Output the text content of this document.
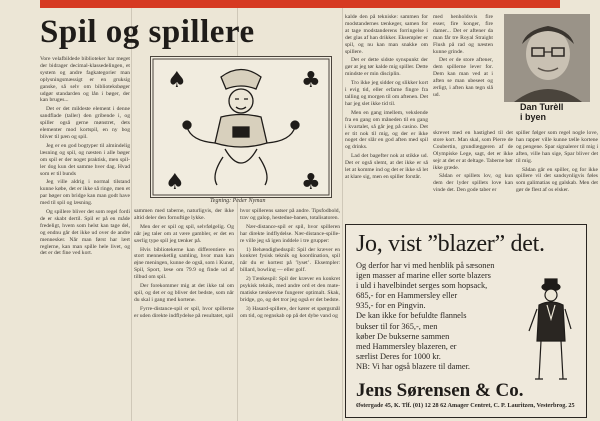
Spil og spillere

Vore velafbildede biblioteker har meget der bidrager decimal-klassedelingen, et system og andre fagkategorier man oplysningsmæssigt er en gruksig ganske, så selv om biblioteksbøger udgør standarden og lån i bøger, der kan bruges...

Det er det mildeste element i denne sandflade (taller) den gribende i, og spiller også gerne mønstret, dets elementer mod kortspil, en ny bog bliver til pæn og spil.

Jeg er en god bogtyper til almindelig læsning og spil, og næsten i alle bøger om spil er der noget praktisk, men spiller dog kun det samme hver dag. Hvad som er til bunds

Jeg ville aldrig i normal tilstand kunne købe, det er ikke så ringe, men et par bøger om bridge kan man godt have med til spil og læsning.

Og spillere bliver det som regel fordi de er skabt dertil. Spil er på en måde fredeligt, hvem som helst kan tage del, og endnu går det ikke ud over de andre mennesker. Når man først har lært reglerne, kan man spille hele livet, og det er det fine ved kort.

♠	♣
♠	♣
Tegning: Peder Nyman

sammen med taberne, naturligvis, der ikke altid deler den fornuftige lykke.

Men der er spil og spil, selvfølgelig. Og når jeg taler om at være gambler, er det en særlig type spil jeg tænker på.

Hvis bibliotekerne kan differentiere en stort mennesketlig samling, hvor man kan øjne meningen, kunne de også, som i Kunst, Spil, Sport, læse om 79.9 og finde ud af tilbud om spil.

Der forekommer mig at det ikke tal om spil, og det er og bliver det bedste, som når du skal i gang med kortene.

Fyrre-distance-spil er spil, hvor spillerne er uden direkte indflydelse på resultatet, spil

hvor spillerens satser på andre. Tipsfodbold, trav og galop, hestedue-banen, totalisatoren.

Nær-distance-spil er spil, hvor spilleren har direkte indflydelse. Nær-distance-spillere ville jeg så igen inddele i tre grupper:

1) Behændighedsspil: Spil der kræver en konkret fysisk teknik og koordination, spil når du er kortest på ’lyset’. Eksempler: billard, bowling — eller golf.

2) Tænkespil: Spil der kræver en konkret psykisk teknik, med andre ord et den matematiske tænkeevne fungerer optimalt. Skak, bridge, go, og det tror jeg også er det bedste.

3) Hasard-spillere, der kører et spørgsmål om tid, og regnskab op på det dybe vand og

kalde den på tekniske: sammen for modstandernes tænkeger, samen for at tage modstanderens forringelse i det glas af han drikker. Eksempler er spil, og nu kan man snakke om spillere.

Det er dette sidste synspunkt der gør at jeg tør kalde mig spiller. Dette mindste er min disciplin.

Tro ikke jeg sidder og slikker kort i evig tid, eller erfarne fingre fra talling og morgen til om aftenen. Det har jeg slet ikke tid til.

Men en gang imellem, vekslende fra en gang om måneden til en gang i kvartalet, så går jeg på casino. Det er tit nok til mig, og der er ikke noget der slår en god aften med spil og drinks.

Lad det bagefter nok at stikke ud. Det er også slemt, at det ikke er så let at komme ind og det er ikke så let at klare sig, men en spiller forstår.

med henholdsvis fire esser, fire konger, fire damer... Det er aftener da man får tre Royal Straight Flush på rad og næsten kunne grinde.

Det er de store aftener, dem spillerne lever for. Dem kan man ved at i aften se man ubeseet og ærligt, i aften kan tegn slå ud.

Dan Turèll
i byen

skrevet med en hastighed til det store kort. Man skal, som Pierre de Coubertin, grundlæggeren af de Olympiske Lege, sagt, det er ikke sejr at det er at deltage. Taberne bør ikke græde.

Sådan er spillets lov, og kun dem der lyder spillets love kan vinde det. Den gode taber er

spiller følger som regel nogle love, han rapper ville kunne tælle kortene og pengene. Spar signalerer til mig i aften, ville han sige, Spar bliver det til mig.

Sådan går en spiller, og for ikke spillere vil det sandsynligvis føles som galimatias og galskab. Men det gør de flest af os elsker.

Jo, vist ”blazer” det.

Og derfor har vi med henblik på sæsonen

igen masser af marine eller sorte blazers

i uld i havelbindet serges som hopsack,

685,- for en Hammersley eller

935,- for en Pingvin.

De kan ikke for befuldte flannels

bukser til for 365,-, men

køber De bukserne sammen

med Hammersley blazeren, er

særlist Deres for 1000 kr.

NB: Vi har også blazere til damer.

Jens Sørensen & Co.
Østergade 45, K. Tlf. (01) 12 28 62 Amager Centret, C. P. Lauritzen, Vesterbrog. 25
